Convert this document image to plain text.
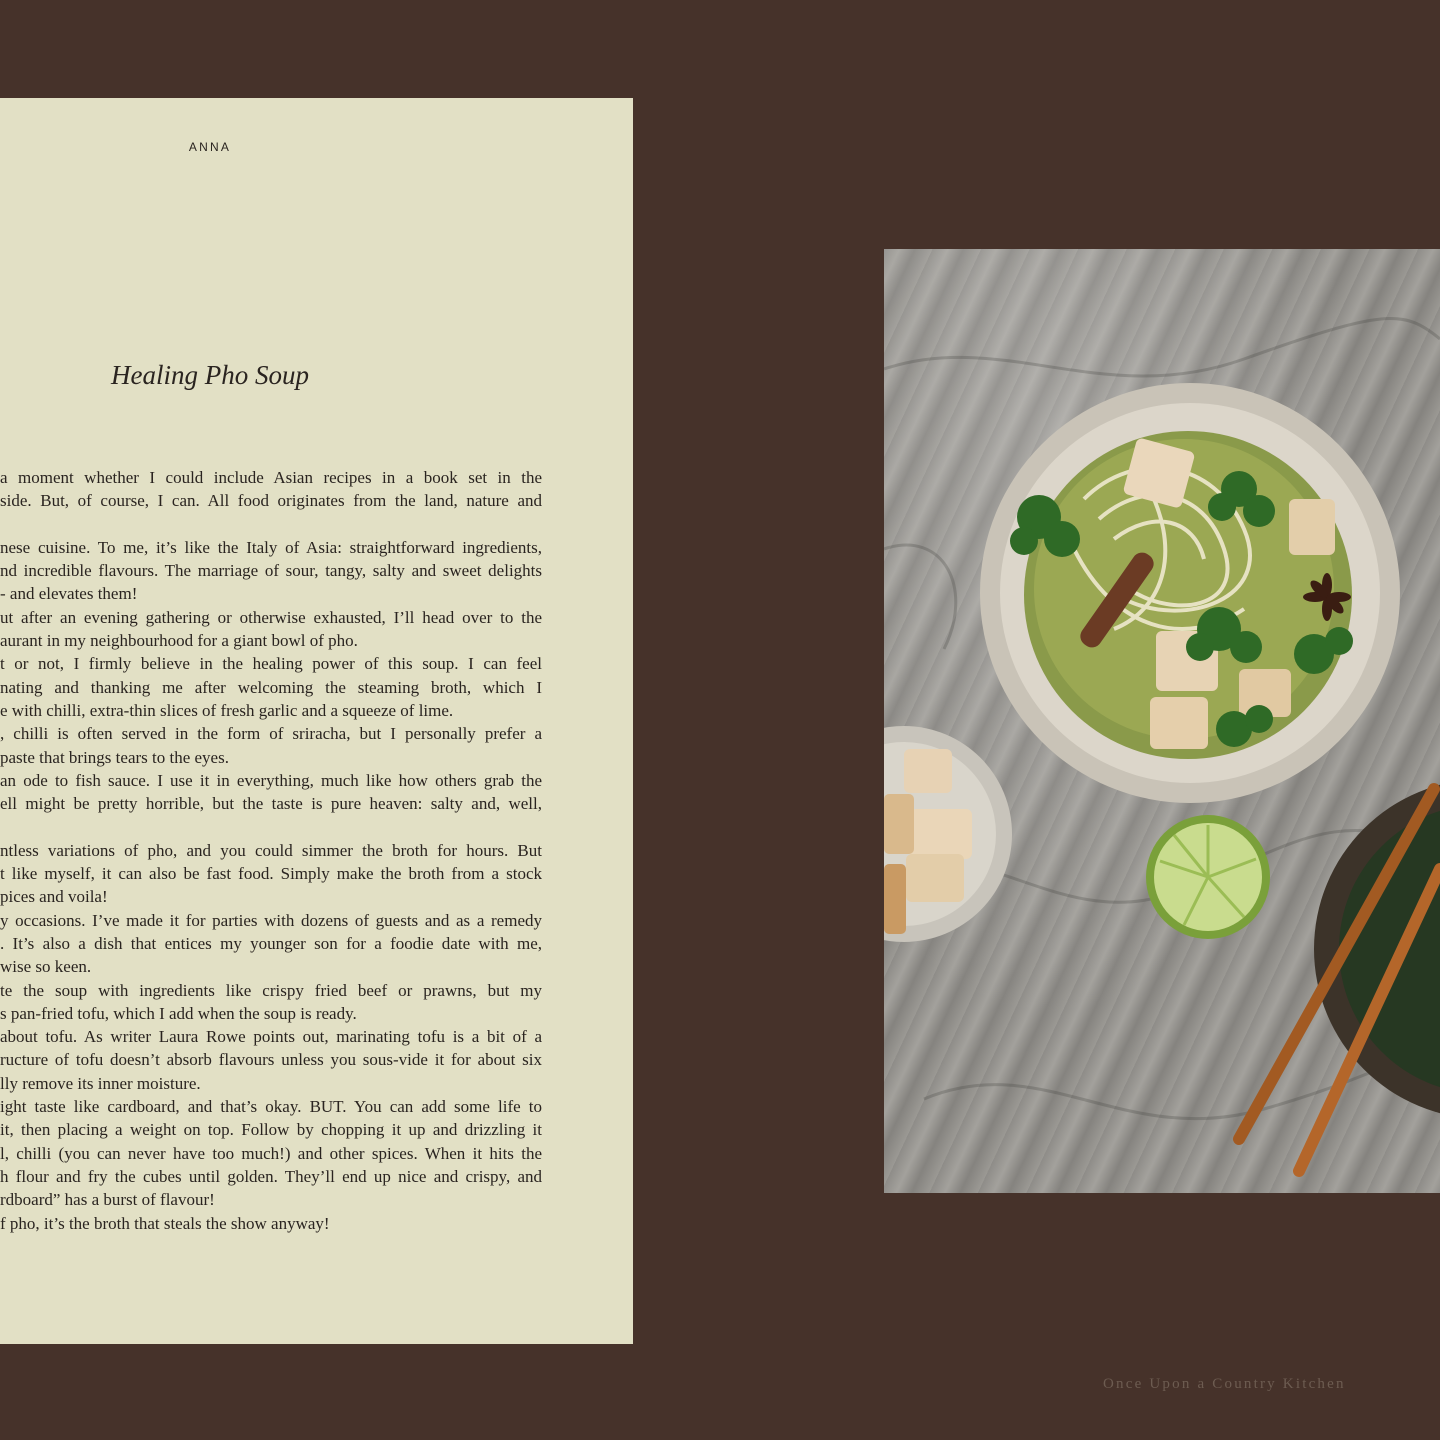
ANNA
Healing Pho Soup
a moment whether I could include Asian recipes in a book set in the
side. But, of course, I can. All food originates from the land, nature and
nese cuisine. To me, it’s like the Italy of Asia: straightforward ingredients,
nd incredible flavours. The marriage of sour, tangy, salty and sweet delights
- and elevates them!
ut after an evening gathering or otherwise exhausted, I’ll head over to the
aurant in my neighbourhood for a giant bowl of pho.
t or not, I firmly believe in the healing power of this soup. I can feel
nating and thanking me after welcoming the steaming broth, which I
e with chilli, extra-thin slices of fresh garlic and a squeeze of lime.
, chilli is often served in the form of sriracha, but I personally prefer a
paste that brings tears to the eyes.
an ode to fish sauce. I use it in everything, much like how others grab the
ell might be pretty horrible, but the taste is pure heaven: salty and, well,
ntless variations of pho, and you could simmer the broth for hours. But
t like myself, it can also be fast food. Simply make the broth from a stock
pices and voila!
y occasions. I’ve made it for parties with dozens of guests and as a remedy
. It’s also a dish that entices my younger son for a foodie date with me,
wise so keen.
te the soup with ingredients like crispy fried beef or prawns, but my
s pan-fried tofu, which I add when the soup is ready.
about tofu. As writer Laura Rowe points out, marinating tofu is a bit of a
ructure of tofu doesn’t absorb flavours unless you sous-vide it for about six
lly remove its inner moisture.
ight taste like cardboard, and that’s okay. BUT. You can add some life to
it, then placing a weight on top. Follow by chopping it up and drizzling it
l, chilli (you can never have too much!) and other spices. When it hits the
h flour and fry the cubes until golden. They’ll end up nice and crispy, and
rdboard” has a burst of flavour!
f pho, it’s the broth that steals the show anyway!
Once Upon a Country Kitchen
